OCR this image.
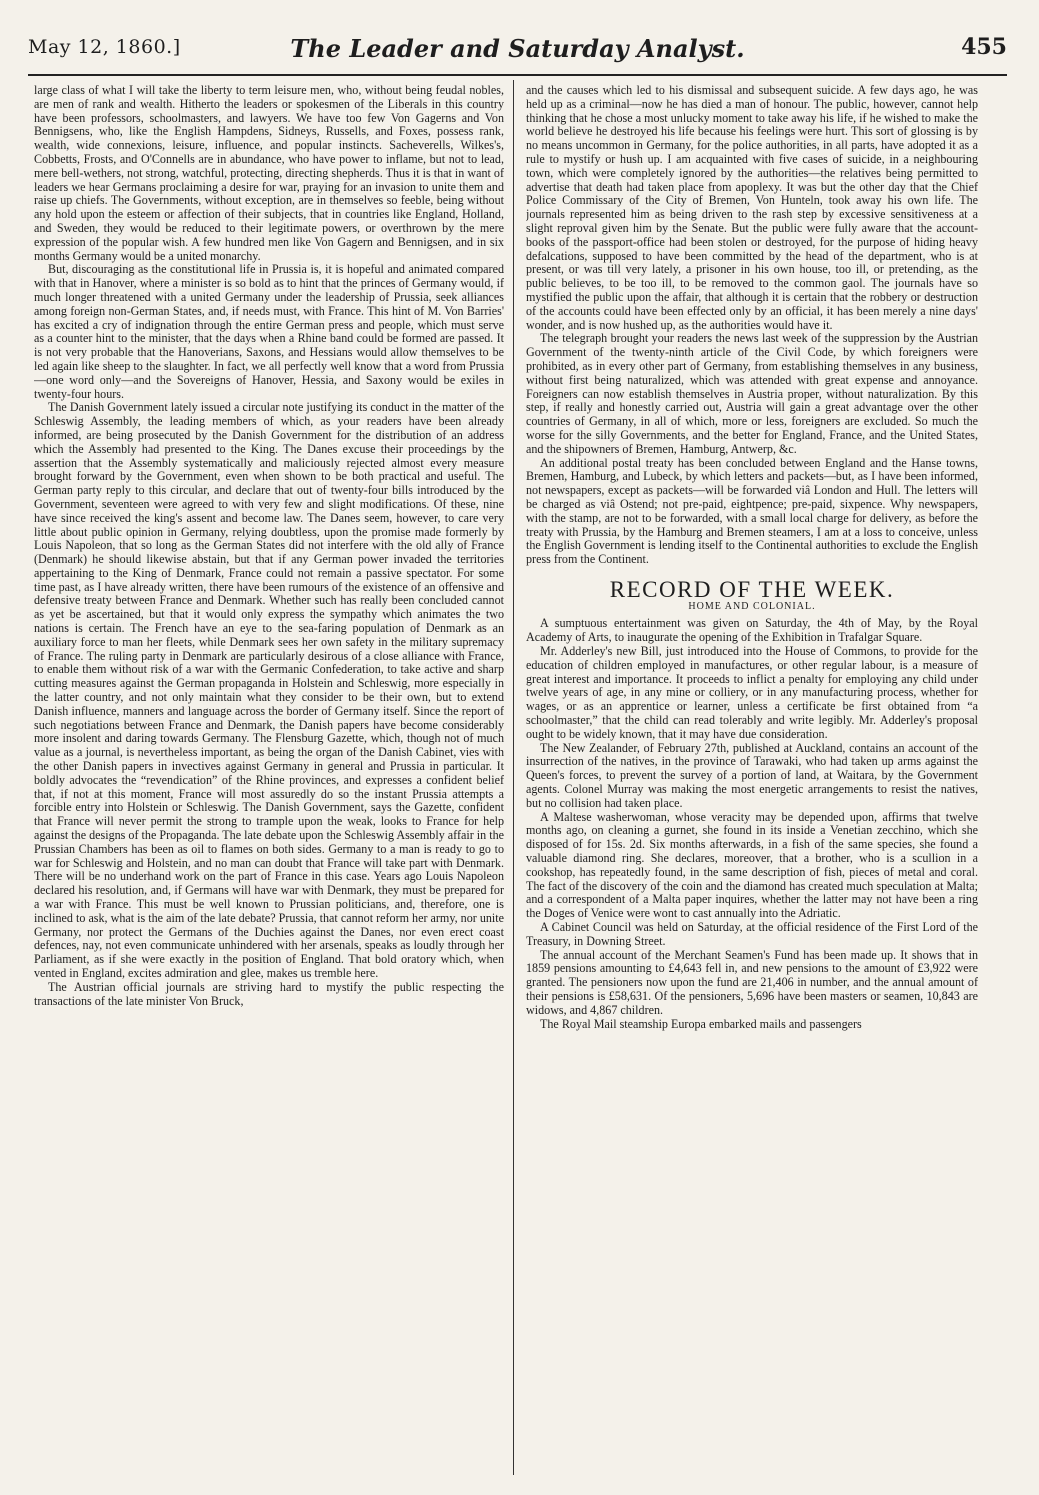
May 12, 1860.]	The Leader and Saturday Analyst.	455

large class of what I will take the liberty to term leisure men, who, without being feudal nobles, are men of rank and wealth. Hitherto the leaders or spokesmen of the Liberals in this country have been professors, schoolmasters, and lawyers. We have too few Von Gagerns and Von Bennigsens, who, like the English Hampdens, Sidneys, Russells, and Foxes, possess rank, wealth, wide connexions, leisure, influence, and popular instincts. Sacheverells, Wilkes's, Cobbetts, Frosts, and O'Connells are in abundance, who have power to inflame, but not to lead, mere bell-wethers, not strong, watchful, protecting, directing shepherds. Thus it is that in want of leaders we hear Germans proclaiming a desire for war, praying for an invasion to unite them and raise up chiefs. The Governments, without exception, are in themselves so feeble, being without any hold upon the esteem or affection of their subjects, that in countries like England, Holland, and Sweden, they would be reduced to their legitimate powers, or overthrown by the mere expression of the popular wish. A few hundred men like Von Gagern and Bennigsen, and in six months Germany would be a united monarchy.

But, discouraging as the constitutional life in Prussia is, it is hopeful and animated compared with that in Hanover, where a minister is so bold as to hint that the princes of Germany would, if much longer threatened with a united Germany under the leadership of Prussia, seek alliances among foreign non-German States, and, if needs must, with France. This hint of M. Von Barries' has excited a cry of indignation through the entire German press and people, which must serve as a counter hint to the minister, that the days when a Rhine band could be formed are passed. It is not very probable that the Hanoverians, Saxons, and Hessians would allow themselves to be led again like sheep to the slaughter. In fact, we all perfectly well know that a word from Prussia—one word only—and the Sovereigns of Hanover, Hessia, and Saxony would be exiles in twenty-four hours.

The Danish Government lately issued a circular note justifying its conduct in the matter of the Schleswig Assembly, the leading members of which, as your readers have been already informed, are being prosecuted by the Danish Government for the distribution of an address which the Assembly had presented to the King. The Danes excuse their proceedings by the assertion that the Assembly systematically and maliciously rejected almost every measure brought forward by the Government, even when shown to be both practical and useful. The German party reply to this circular, and declare that out of twenty-four bills introduced by the Government, seventeen were agreed to with very few and slight modifications. Of these, nine have since received the king's assent and become law. The Danes seem, however, to care very little about public opinion in Germany, relying doubtless, upon the promise made formerly by Louis Napoleon, that so long as the German States did not interfere with the old ally of France (Denmark) he should likewise abstain, but that if any German power invaded the territories appertaining to the King of Denmark, France could not remain a passive spectator. For some time past, as I have already written, there have been rumours of the existence of an offensive and defensive treaty between France and Denmark. Whether such has really been concluded cannot as yet be ascertained, but that it would only express the sympathy which animates the two nations is certain. The French have an eye to the sea-faring population of Denmark as an auxiliary force to man her fleets, while Denmark sees her own safety in the military supremacy of France. The ruling party in Denmark are particularly desirous of a close alliance with France, to enable them without risk of a war with the Germanic Confederation, to take active and sharp cutting measures against the German propaganda in Holstein and Schleswig, more especially in the latter country, and not only maintain what they consider to be their own, but to extend Danish influence, manners and language across the border of Germany itself. Since the report of such negotiations between France and Denmark, the Danish papers have become considerably more insolent and daring towards Germany. The Flensburg Gazette, which, though not of much value as a journal, is nevertheless important, as being the organ of the Danish Cabinet, vies with the other Danish papers in invectives against Germany in general and Prussia in particular. It boldly advocates the “revendication” of the Rhine provinces, and expresses a confident belief that, if not at this moment, France will most assuredly do so the instant Prussia attempts a forcible entry into Holstein or Schleswig. The Danish Government, says the Gazette, confident that France will never permit the strong to trample upon the weak, looks to France for help against the designs of the Propaganda. The late debate upon the Schleswig Assembly affair in the Prussian Chambers has been as oil to flames on both sides. Germany to a man is ready to go to war for Schleswig and Holstein, and no man can doubt that France will take part with Denmark. There will be no underhand work on the part of France in this case. Years ago Louis Napoleon declared his resolution, and, if Germans will have war with Denmark, they must be prepared for a war with France. This must be well known to Prussian politicians, and, therefore, one is inclined to ask, what is the aim of the late debate? Prussia, that cannot reform her army, nor unite Germany, nor protect the Germans of the Duchies against the Danes, nor even erect coast defences, nay, not even communicate unhindered with her arsenals, speaks as loudly through her Parliament, as if she were exactly in the position of England. That bold oratory which, when vented in England, excites admiration and glee, makes us tremble here.

The Austrian official journals are striving hard to mystify the public respecting the transactions of the late minister Von Bruck,

and the causes which led to his dismissal and subsequent suicide. A few days ago, he was held up as a criminal—now he has died a man of honour. The public, however, cannot help thinking that he chose a most unlucky moment to take away his life, if he wished to make the world believe he destroyed his life because his feelings were hurt. This sort of glossing is by no means uncommon in Germany, for the police authorities, in all parts, have adopted it as a rule to mystify or hush up. I am acquainted with five cases of suicide, in a neighbouring town, which were completely ignored by the authorities—the relatives being permitted to advertise that death had taken place from apoplexy. It was but the other day that the Chief Police Commissary of the City of Bremen, Von Hunteln, took away his own life. The journals represented him as being driven to the rash step by excessive sensitiveness at a slight reproval given him by the Senate. But the public were fully aware that the account-books of the passport-office had been stolen or destroyed, for the purpose of hiding heavy defalcations, supposed to have been committed by the head of the department, who is at present, or was till very lately, a prisoner in his own house, too ill, or pretending, as the public believes, to be too ill, to be removed to the common gaol. The journals have so mystified the public upon the affair, that although it is certain that the robbery or destruction of the accounts could have been effected only by an official, it has been merely a nine days' wonder, and is now hushed up, as the authorities would have it.

The telegraph brought your readers the news last week of the suppression by the Austrian Government of the twenty-ninth article of the Civil Code, by which foreigners were prohibited, as in every other part of Germany, from establishing themselves in any business, without first being naturalized, which was attended with great expense and annoyance. Foreigners can now establish themselves in Austria proper, without naturalization. By this step, if really and honestly carried out, Austria will gain a great advantage over the other countries of Germany, in all of which, more or less, foreigners are excluded. So much the worse for the silly Governments, and the better for England, France, and the United States, and the shipowners of Bremen, Hamburg, Antwerp, &c.

An additional postal treaty has been concluded between England and the Hanse towns, Bremen, Hamburg, and Lubeck, by which letters and packets—but, as I have been informed, not newspapers, except as packets—will be forwarded viâ London and Hull. The letters will be charged as viâ Ostend; not pre-paid, eightpence; pre-paid, sixpence. Why newspapers, with the stamp, are not to be forwarded, with a small local charge for delivery, as before the treaty with Prussia, by the Hamburg and Bremen steamers, I am at a loss to conceive, unless the English Government is lending itself to the Continental authorities to exclude the English press from the Continent.

RECORD OF THE WEEK.
HOME AND COLONIAL.

A sumptuous entertainment was given on Saturday, the 4th of May, by the Royal Academy of Arts, to inaugurate the opening of the Exhibition in Trafalgar Square.

Mr. Adderley's new Bill, just introduced into the House of Commons, to provide for the education of children employed in manufactures, or other regular labour, is a measure of great interest and importance. It proceeds to inflict a penalty for employing any child under twelve years of age, in any mine or colliery, or in any manufacturing process, whether for wages, or as an apprentice or learner, unless a certificate be first obtained from “a schoolmaster,” that the child can read tolerably and write legibly. Mr. Adderley's proposal ought to be widely known, that it may have due consideration.

The New Zealander, of February 27th, published at Auckland, contains an account of the insurrection of the natives, in the province of Tarawaki, who had taken up arms against the Queen's forces, to prevent the survey of a portion of land, at Waitara, by the Government agents. Colonel Murray was making the most energetic arrangements to resist the natives, but no collision had taken place.

A Maltese washerwoman, whose veracity may be depended upon, affirms that twelve months ago, on cleaning a gurnet, she found in its inside a Venetian zecchino, which she disposed of for 15s. 2d. Six months afterwards, in a fish of the same species, she found a valuable diamond ring. She declares, moreover, that a brother, who is a scullion in a cookshop, has repeatedly found, in the same description of fish, pieces of metal and coral. The fact of the discovery of the coin and the diamond has created much speculation at Malta; and a correspondent of a Malta paper inquires, whether the latter may not have been a ring the Doges of Venice were wont to cast annually into the Adriatic.

A Cabinet Council was held on Saturday, at the official residence of the First Lord of the Treasury, in Downing Street.

The annual account of the Merchant Seamen's Fund has been made up. It shows that in 1859 pensions amounting to £4,643 fell in, and new pensions to the amount of £3,922 were granted. The pensioners now upon the fund are 21,406 in number, and the annual amount of their pensions is £58,631. Of the pensioners, 5,696 have been masters or seamen, 10,843 are widows, and 4,867 children.

The Royal Mail steamship Europa embarked mails and passengers
